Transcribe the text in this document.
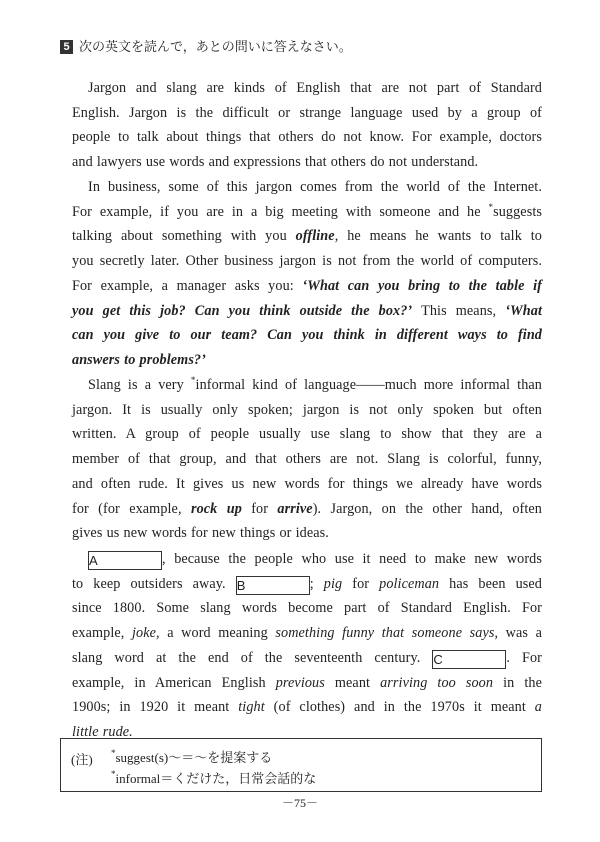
5 次の英文を読んで，あとの問いに答えなさい。
Jargon and slang are kinds of English that are not part of Standard
English. Jargon is the difficult or strange language used by a group of
people to talk about things that others do not know. For example, doctors
and lawyers use words and expressions that others do not understand.
In business, some of this jargon comes from the world of the Internet.
For example, if you are in a big meeting with someone and he *suggests
talking about something with you offline, he means he wants to talk to
you secretly later. Other business jargon is not from the world of computers.
For example, a manager asks you: ‘What can you bring to the table if
you get this job? Can you think outside the box?’ This means, ‘What
can you give to our team? Can you think in different ways to find
answers to problems?’
Slang is a very *informal kind of language——much more informal than
jargon. It is usually only spoken; jargon is not only spoken but often
written. A group of people usually use slang to show that they are a
member of that group, and that others are not. Slang is colorful, funny,
and often rude. It gives us new words for things we already have words
for (for example, rock up for arrive). Jargon, on the other hand, often
gives us new words for new things or ideas.
A	, because the people who use it need to make new words
to keep outsiders away. B	; pig for policeman has been used
since 1800. Some slang words become part of Standard English. For
example, joke, a word meaning something funny that someone says, was a
slang word at the end of the seventeenth century. C	. For
example, in American English previous meant arriving too soon in the
1900s; in 1920 it meant tight (of clothes) and in the 1970s it meant a
little rude.
(注) *suggest(s)～＝～を提案する
*informal＝くだけた，日常会話的な
－75－
